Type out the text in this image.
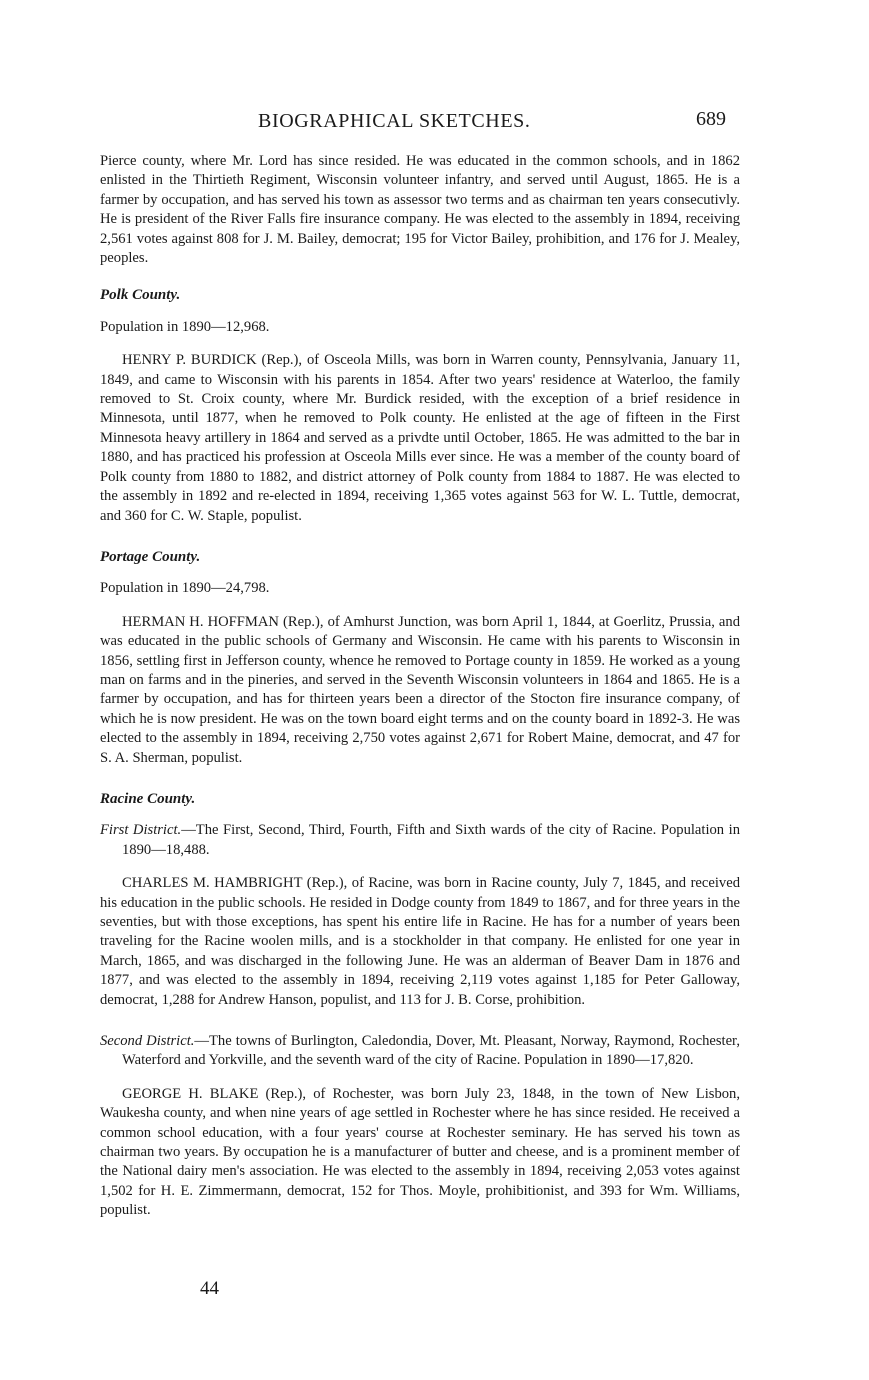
BIOGRAPHICAL SKETCHES.	689

Pierce county, where Mr. Lord has since resided. He was educated in the common schools, and in 1862 enlisted in the Thirtieth Regiment, Wisconsin volunteer infantry, and served until August, 1865. He is a farmer by occupation, and has served his town as assessor two terms and as chairman ten years consecutivly. He is president of the River Falls fire insurance company. He was elected to the assembly in 1894, receiving 2,561 votes against 808 for J. M. Bailey, democrat; 195 for Victor Bailey, prohibition, and 176 for J. Mealey, peoples.

Polk County.

Population in 1890—12,968.

HENRY P. BURDICK (Rep.), of Osceola Mills, was born in Warren county, Pennsylvania, January 11, 1849, and came to Wisconsin with his parents in 1854. After two years' residence at Waterloo, the family removed to St. Croix county, where Mr. Burdick resided, with the exception of a brief residence in Minnesota, until 1877, when he removed to Polk county. He enlisted at the age of fifteen in the First Minnesota heavy artillery in 1864 and served as a privdte until October, 1865. He was admitted to the bar in 1880, and has practiced his profession at Osceola Mills ever since. He was a member of the county board of Polk county from 1880 to 1882, and district attorney of Polk county from 1884 to 1887. He was elected to the assembly in 1892 and re-elected in 1894, receiving 1,365 votes against 563 for W. L. Tuttle, democrat, and 360 for C. W. Staple, populist.

Portage County.

Population in 1890—24,798.

HERMAN H. HOFFMAN (Rep.), of Amhurst Junction, was born April 1, 1844, at Goerlitz, Prussia, and was educated in the public schools of Germany and Wisconsin. He came with his parents to Wisconsin in 1856, settling first in Jefferson county, whence he removed to Portage county in 1859. He worked as a young man on farms and in the pineries, and served in the Seventh Wisconsin volunteers in 1864 and 1865. He is a farmer by occupation, and has for thirteen years been a director of the Stocton fire insurance company, of which he is now president. He was on the town board eight terms and on the county board in 1892-3. He was elected to the assembly in 1894, receiving 2,750 votes against 2,671 for Robert Maine, democrat, and 47 for S. A. Sherman, populist.

Racine County.

First District.—The First, Second, Third, Fourth, Fifth and Sixth wards of the city of Racine. Population in 1890—18,488.

CHARLES M. HAMBRIGHT (Rep.), of Racine, was born in Racine county, July 7, 1845, and received his education in the public schools. He resided in Dodge county from 1849 to 1867, and for three years in the seventies, but with those exceptions, has spent his entire life in Racine. He has for a number of years been traveling for the Racine woolen mills, and is a stockholder in that company. He enlisted for one year in March, 1865, and was discharged in the following June. He was an alderman of Beaver Dam in 1876 and 1877, and was elected to the assembly in 1894, receiving 2,119 votes against 1,185 for Peter Galloway, democrat, 1,288 for Andrew Hanson, populist, and 113 for J. B. Corse, prohibition.

Second District.—The towns of Burlington, Caledondia, Dover, Mt. Pleasant, Norway, Raymond, Rochester, Waterford and Yorkville, and the seventh ward of the city of Racine. Population in 1890—17,820.

GEORGE H. BLAKE (Rep.), of Rochester, was born July 23, 1848, in the town of New Lisbon, Waukesha county, and when nine years of age settled in Rochester where he has since resided. He received a common school education, with a four years' course at Rochester seminary. He has served his town as chairman two years. By occupation he is a manufacturer of butter and cheese, and is a prominent member of the National dairy men's association. He was elected to the assembly in 1894, receiving 2,053 votes against 1,502 for H. E. Zimmermann, democrat, 152 for Thos. Moyle, prohibitionist, and 393 for Wm. Williams, populist.

44
